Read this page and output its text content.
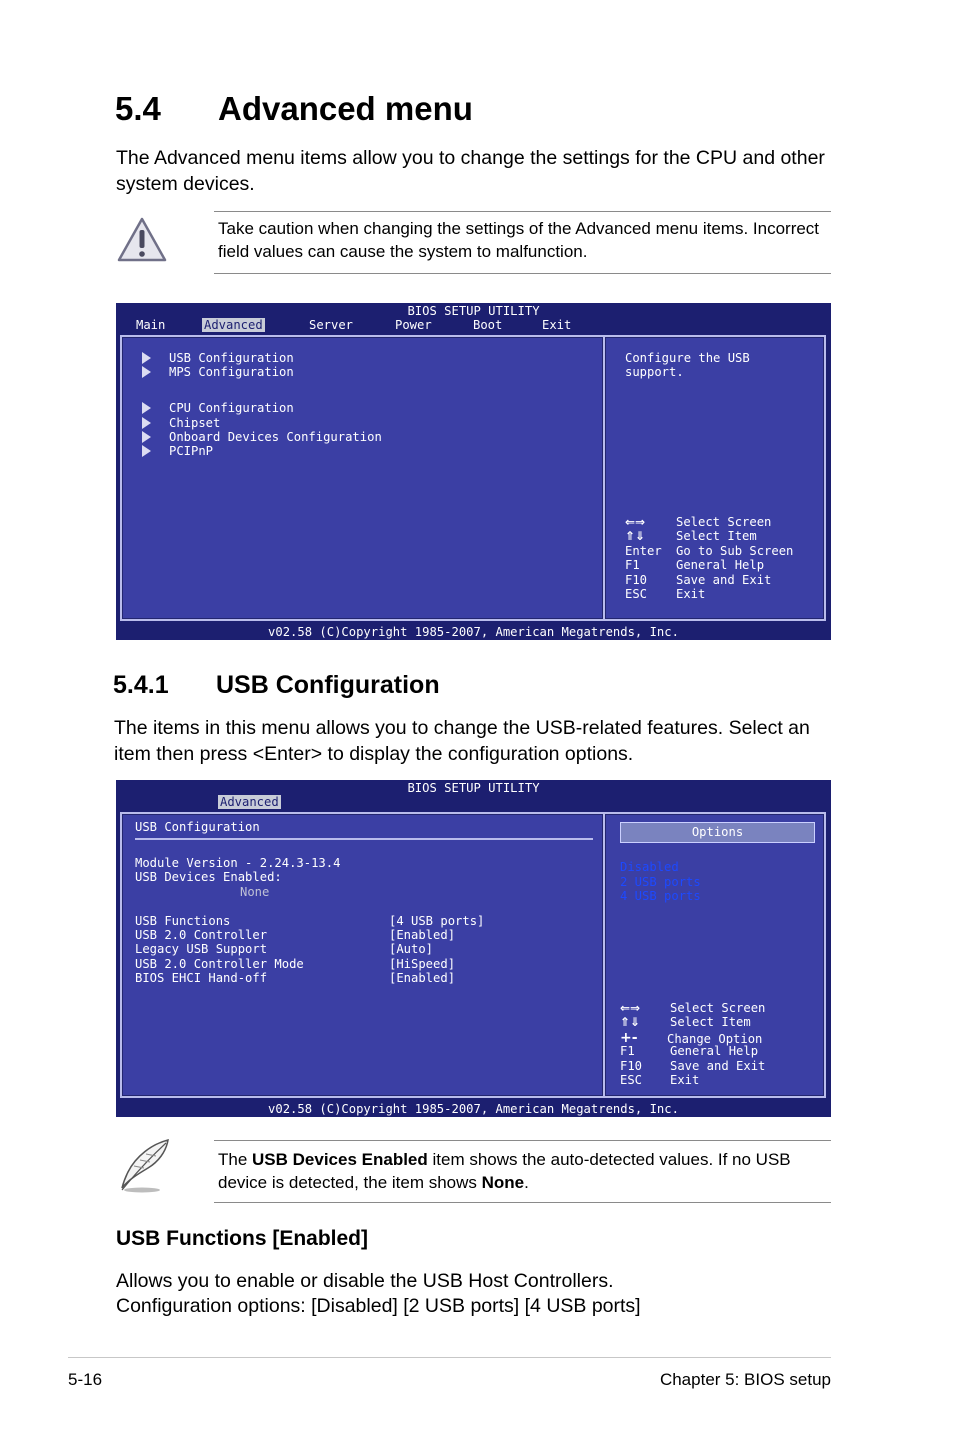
5.4 Advanced menu
The Advanced menu items allow you to change the settings for the CPU and other system devices.
Take caution when changing the settings of the Advanced menu items. Incorrect field values can cause the system to malfunction.
BIOS SETUP UTILITY
Main	Advanced	Server	Power	Boot	Exit
USB Configuration
MPS Configuration
CPU Configuration
Chipset
Onboard Devices Configuration
PCIPnP
Configure the USB
support.
⇐⇒	Select Screen
⇑⇓	Select Item
Enter Go to Sub Screen
F1	General Help
F10 Save and Exit
ESC Exit
v02.58 (C)Copyright 1985-2007, American Megatrends, Inc.
5.4.1 USB Configuration
The items in this menu allows you to change the USB-related features. Select an item then press <Enter> to display the configuration options.
BIOS SETUP UTILITY
Advanced
USB Configuration
Module Version - 2.24.3-13.4
USB Devices Enabled:
None
USB Functions	[4 USB ports]
USB 2.0 Controller	[Enabled]
Legacy USB Support	[Auto]
USB 2.0 Controller Mode	[HiSpeed]
BIOS EHCI Hand-off	[Enabled]
Options
Disabled
2 USB ports
4 USB ports
⇐⇒ Select Screen
⇑⇓ Select Item
+- Change Option
F1	General Help
F10 Save and Exit
ESC Exit
v02.58 (C)Copyright 1985-2007, American Megatrends, Inc.
The USB Devices Enabled item shows the auto-detected values. If no USB device is detected, the item shows None.
USB Functions [Enabled]
Allows you to enable or disable the USB Host Controllers.
Configuration options: [Disabled] [2 USB ports] [4 USB ports]
5-16	Chapter 5: BIOS setup
